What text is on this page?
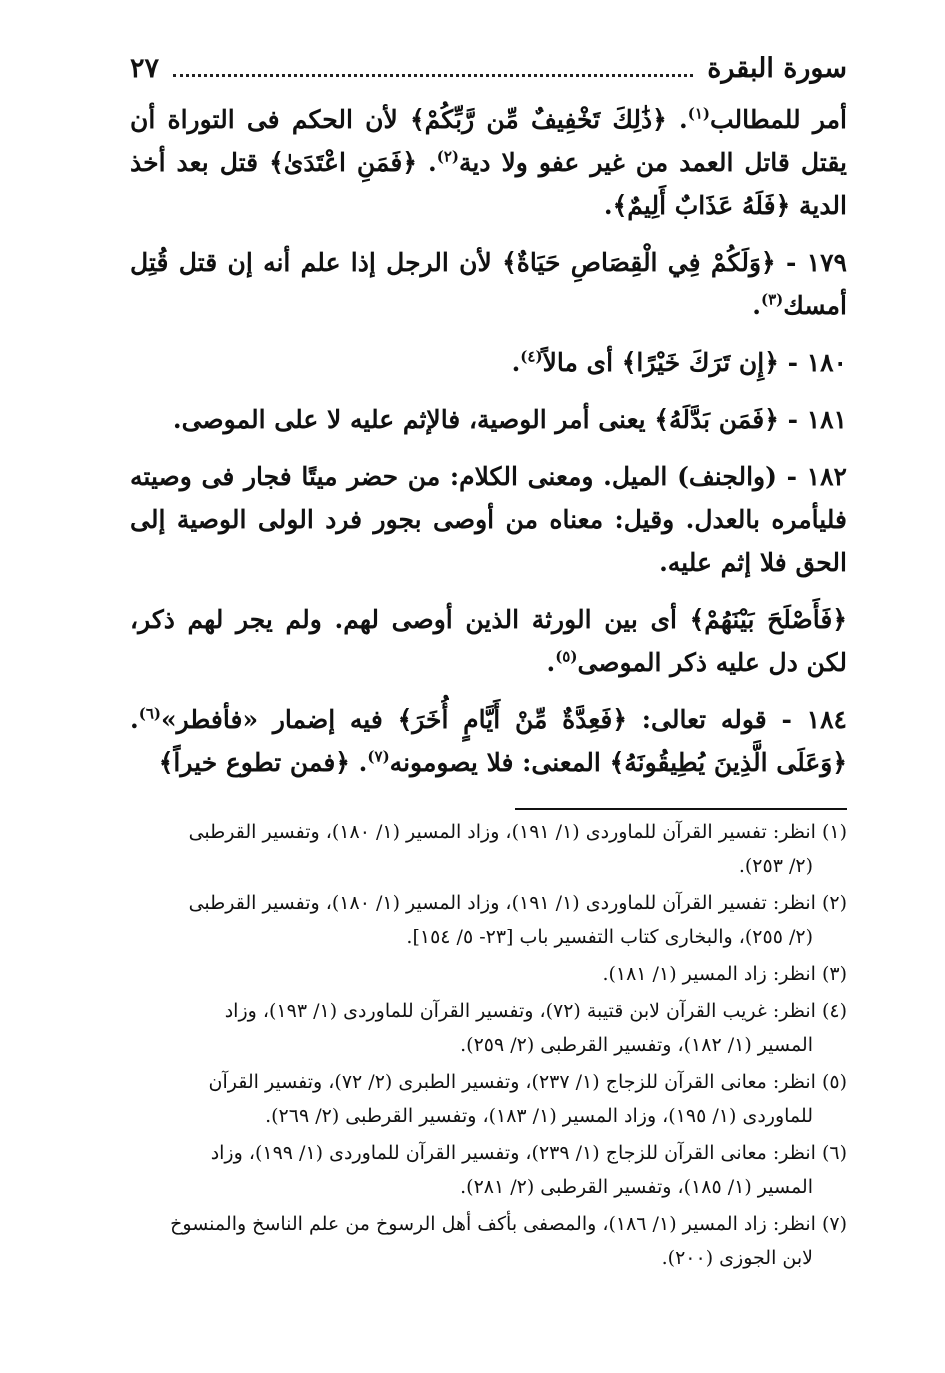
سورة البقرة
٢٧

أمر للمطالب$^{(١)}$. ﴿ذَٰلِكَ تَخْفِيفٌ مِّن رَّبِّكُمْ﴾ لأن الحكم فى التوراة أن يقتل قاتل العمد من غير عفو ولا دية$^{(٢)}$. ﴿فَمَنِ اعْتَدَىٰ﴾ قتل بعد أخذ الدية ﴿فَلَهُ عَذَابٌ أَلِيمٌ﴾.

١٧٩ - ﴿وَلَكُمْ فِي الْقِصَاصِ حَيَاةٌ﴾ لأن الرجل إذا علم أنه إن قتل قُتِل أمسك$^{(٣)}$.

١٨٠ - ﴿إِن تَرَكَ خَيْرًا﴾ أى مالاً$^{(٤)}$.

١٨١ - ﴿فَمَن بَدَّلَهُ﴾ يعنى أمر الوصية، فالإثم عليه لا على الموصى.

١٨٢ - (والجنف) الميل. ومعنى الكلام: من حضر ميتًا فجار فى وصيته فليأمره بالعدل. وقيل: معناه من أوصى بجور فرد الولى الوصية إلى الحق فلا إثم عليه.

﴿فَأَصْلَحَ بَيْنَهُمْ﴾ أى بين الورثة الذين أوصى لهم. ولم يجر لهم ذكر، لكن دل عليه ذكر الموصى$^{(٥)}$.

١٨٤ - قوله تعالى: ﴿فَعِدَّةٌ مِّنْ أَيَّامٍ أُخَرَ﴾ فيه إضمار «فأفطر»$^{(٦)}$. ﴿وَعَلَى الَّذِينَ يُطِيقُونَهُ﴾ المعنى: فلا يصومونه$^{(٧)}$. ﴿فمن تطوع خيراً﴾

(١) انظر: تفسير القرآن للماوردى (١/ ١٩١)، وزاد المسير (١/ ١٨٠)، وتفسير القرطبى
(٢/ ٢٥٣).
(٢) انظر: تفسير القرآن للماوردى (١/ ١٩١)، وزاد المسير (١/ ١٨٠)، وتفسير القرطبى
(٢/ ٢٥٥)، والبخارى كتاب التفسير باب [٢٣- ٥/ ١٥٤].
(٣) انظر: زاد المسير (١/ ١٨١).
(٤) انظر: غريب القرآن لابن قتيبة (٧٢)، وتفسير القرآن للماوردى (١/ ١٩٣)، وزاد
المسير (١/ ١٨٢)، وتفسير القرطبى (٢/ ٢٥٩).
(٥) انظر: معانى القرآن للزجاج (١/ ٢٣٧)، وتفسير الطبرى (٢/ ٧٢)، وتفسير القرآن
للماوردى (١/ ١٩٥)، وزاد المسير (١/ ١٨٣)، وتفسير القرطبى (٢/ ٢٦٩).
(٦) انظر: معانى القرآن للزجاج (١/ ٢٣٩)، وتفسير القرآن للماوردى (١/ ١٩٩)، وزاد
المسير (١/ ١٨٥)، وتفسير القرطبى (٢/ ٢٨١).
(٧) انظر: زاد المسير (١/ ١٨٦)، والمصفى بأكف أهل الرسوخ من علم الناسخ والمنسوخ
لابن الجوزى (٢٠٠).
